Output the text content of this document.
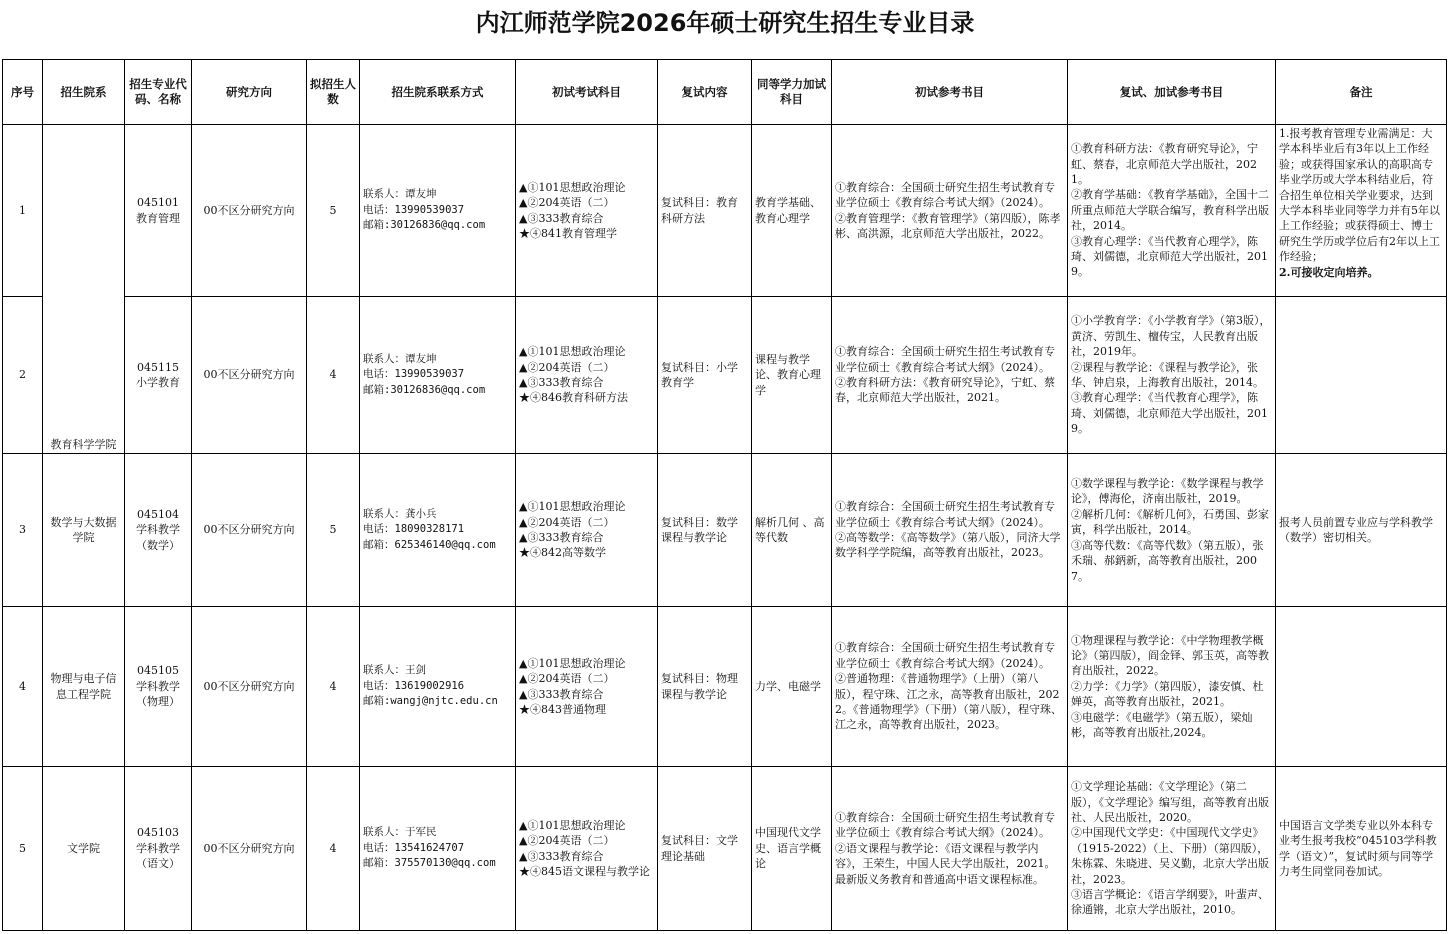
内江师范学院2026年硕士研究生招生专业目录
序号	招生院系	招生专业代码、名称	研究方向	拟招生人数	招生院系联系方式	初试考试科目	复试内容	同等学力加试科目	初试参考书目	复试、加试参考书目	备注
1	教育科学学院	045101
教育管理	00不区分研究方向	5	联系人：谭友坤
电话：13990539037
邮箱:30126836@qq.com	▲①101思想政治理论
▲②204英语（二）
▲③333教育综合
★④841教育管理学	复试科目：教育科研方法	教育学基础、教育心理学	①教育综合：全国硕士研究生招生考试教育专业学位硕士《教育综合考试大纲》（2024）。
②教育管理学：《教育管理学》（第四版），陈孝彬、高洪源，北京师范大学出版社，2022。	①教育科研方法：《教育研究导论》，宁虹、蔡春，北京师范大学出版社，2021。
②教育学基础：《教育学基础》，全国十二所重点师范大学联合编写，教育科学出版社，2014。
③教育心理学：《当代教育心理学》，陈琦、刘儒德，北京师范大学出版社，2019。	1.报考教育管理专业需满足：大学本科毕业后有3年以上工作经验；或获得国家承认的高职高专毕业学历或大学本科结业后，符合招生单位相关学业要求，达到大学本科毕业同等学力并有5年以上工作经验；或获得硕士、博士研究生学历或学位后有2年以上工作经验；
2.可接收定向培养。

2		045115
小学教育	00不区分研究方向	4	联系人：谭友坤
电话：13990539037
邮箱:30126836@qq.com	▲①101思想政治理论
▲②204英语（二）
▲③333教育综合
★④846教育科研方法	复试科目：小学教育学	课程与教学论、教育心理学	①教育综合：全国硕士研究生招生考试教育专业学位硕士《教育综合考试大纲》（2024）。
②教育科研方法：《教育研究导论》，宁虹、蔡春，北京师范大学出版社，2021。	①小学教育学：《小学教育学》（第3版），黄济、劳凯生、檀传宝，人民教育出版社，2019年。
②课程与教学论：《课程与教学论》，张华、钟启泉，上海教育出版社，2014。
③教育心理学：《当代教育心理学》，陈琦、刘儒德，北京师范大学出版社，2019。	
3	数学与大数据学院	045104
学科教学（数学）	00不区分研究方向	5	联系人：龚小兵
电话：18090328171
邮箱：625346140@qq.com	▲①101思想政治理论
▲②204英语（二）
▲③333教育综合
★④842高等数学	复试科目：数学课程与教学论	解析几何 、高等代数	①教育综合：全国硕士研究生招生考试教育专业学位硕士《教育综合考试大纲》（2024）。
②高等数学：《高等数学》（第八版），同济大学数学科学学院编，高等教育出版社，2023。	①数学课程与教学论：《数学课程与教学论》，傅海伦，济南出版社，2019。
②解析几何：《解析几何》，石勇国、彭家寅，科学出版社，2014。
③高等代数：《高等代数》（第五版），张禾瑞、郝鈵新，高等教育出版社，2007。	报考人员前置专业应与学科教学（数学）密切相关。
4	物理与电子信息工程学院	045105
学科教学（物理）	00不区分研究方向	4	联系人：王剑
电话：13619002916
邮箱:wangj@njtc.edu.cn	▲①101思想政治理论
▲②204英语（二）
▲③333教育综合
★④843普通物理	复试科目：物理课程与教学论	力学、电磁学	①教育综合：全国硕士研究生招生考试教育专业学位硕士《教育综合考试大纲》（2024）。
②普通物理：《普通物理学》（上册）（第八版），程守珠、江之永，高等教育出版社，2022。《普通物理学》（下册）（第八版），程守珠、江之永，高等教育出版社，2023。	①物理课程与教学论：《中学物理教学概论》（第四版），阎金铎、郭玉英，高等教育出版社，2022。
②力学：《力学》（第四版），漆安慎、杜婵英，高等教育出版社，2021。
③电磁学：《电磁学》（第五版），梁灿彬，高等教育出版社,2024。	
5	文学院	045103
学科教学（语文）	00不区分研究方向	4	联系人：于军民
电话：13541624707
邮箱：375570130@qq.com	▲①101思想政治理论
▲②204英语（二）
▲③333教育综合
★④845语文课程与教学论	复试科目：文学理论基础	中国现代文学史、语言学概论	①教育综合：全国硕士研究生招生考试教育专业学位硕士《教育综合考试大纲》（2024）。
②语文课程与教学论：《语文课程与教学内容》，王荣生，中国人民大学出版社，2021。最新版义务教育和普通高中语文课程标准。	①文学理论基础：《文学理论》（第二版），《文学理论》编写组，高等教育出版社、人民出版社，2020。
②中国现代文学史：《中国现代文学史》（1915-2022）（上、下册）（第四版），朱栋霖、朱晓进、吴义勤，北京大学出版社，2023。
③语言学概论：《语言学纲要》，叶蜚声、徐通锵，北京大学出版社，2010。	中国语言文学类专业以外本科专业考生报考我校“045103学科教学（语文）”，复试时须与同等学力考生同堂同卷加试。
